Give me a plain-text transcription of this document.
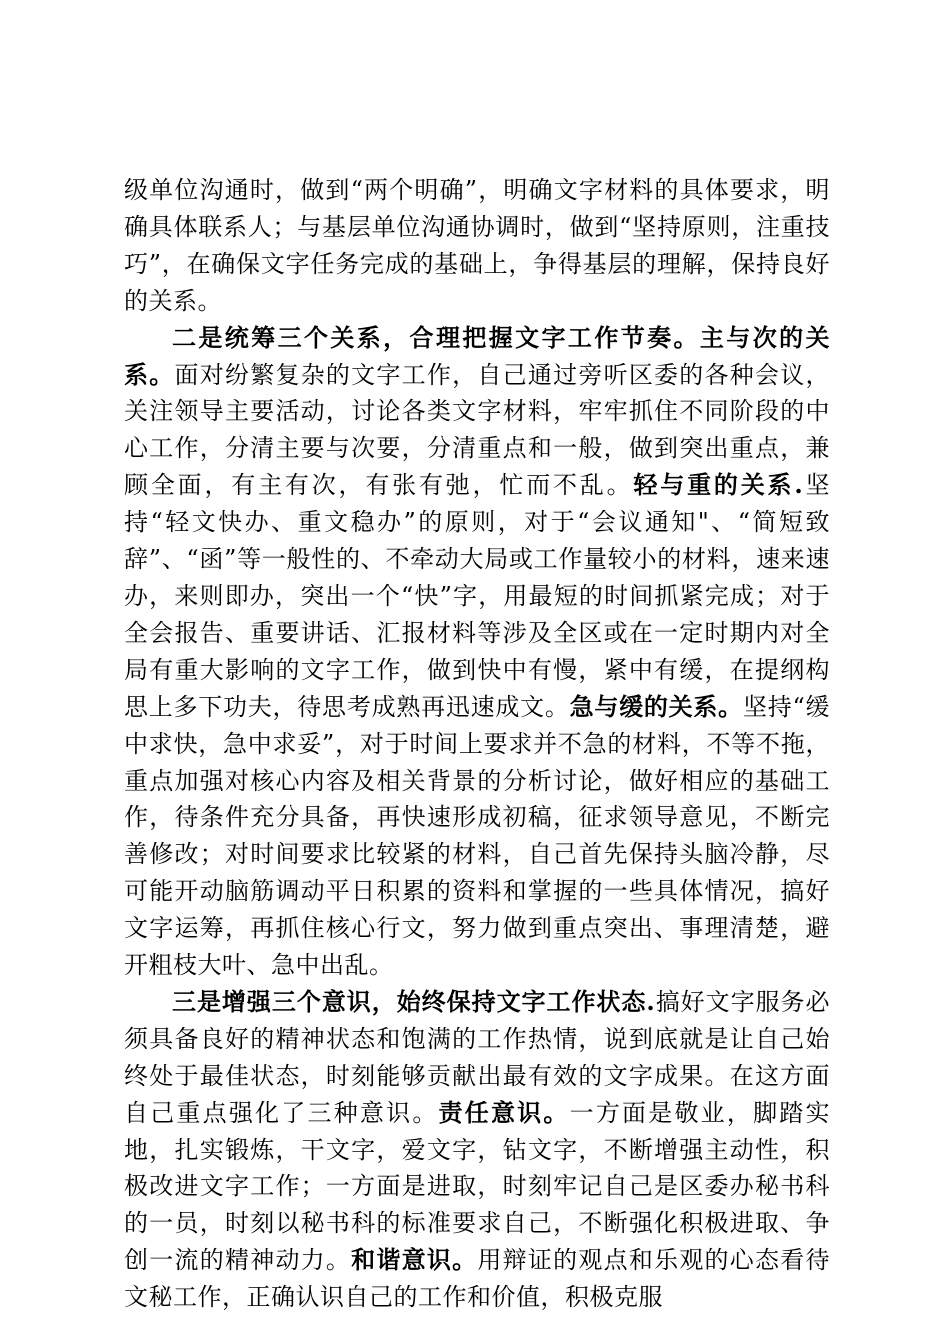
级单位沟通时，做到“两个明确”，明确文字材料的具体要求，明确具体联系人；与基层单位沟通协调时，做到“坚持原则，注重技巧”，在确保文字任务完成的基础上，争得基层的理解，保持良好的关系。

二是统筹三个关系，合理把握文字工作节奏。主与次的关系。面对纷繁复杂的文字工作，自己通过旁听区委的各种会议，关注领导主要活动，讨论各类文字材料，牢牢抓住不同阶段的中心工作，分清主要与次要，分清重点和一般，做到突出重点，兼顾全面，有主有次，有张有弛，忙而不乱。轻与重的关系.坚持“轻文快办、重文稳办”的原则，对于“会议通知"、“简短致辞”、“函”等一般性的、不牵动大局或工作量较小的材料，速来速办，来则即办，突出一个“快”字，用最短的时间抓紧完成；对于全会报告、重要讲话、汇报材料等涉及全区或在一定时期内对全局有重大影响的文字工作，做到快中有慢，紧中有缓，在提纲构思上多下功夫，待思考成熟再迅速成文。急与缓的关系。坚持“缓中求快，急中求妥”，对于时间上要求并不急的材料，不等不拖，重点加强对核心内容及相关背景的分析讨论，做好相应的基础工作，待条件充分具备，再快速形成初稿，征求领导意见，不断完善修改；对时间要求比较紧的材料，自己首先保持头脑冷静，尽可能开动脑筋调动平日积累的资料和掌握的一些具体情况，搞好文字运筹，再抓住核心行文，努力做到重点突出、事理清楚，避开粗枝大叶、急中出乱。

三是增强三个意识，始终保持文字工作状态.搞好文字服务必须具备良好的精神状态和饱满的工作热情，说到底就是让自己始终处于最佳状态，时刻能够贡献出最有效的文字成果。在这方面自己重点强化了三种意识。责任意识。一方面是敬业，脚踏实地，扎实锻炼，干文字，爱文字，钻文字，不断增强主动性，积极改进文字工作；一方面是进取，时刻牢记自己是区委办秘书科的一员，时刻以秘书科的标准要求自己，不断强化积极进取、争创一流的精神动力。和谐意识。用辩证的观点和乐观的心态看待文秘工作，正确认识自己的工作和价值，积极克服
